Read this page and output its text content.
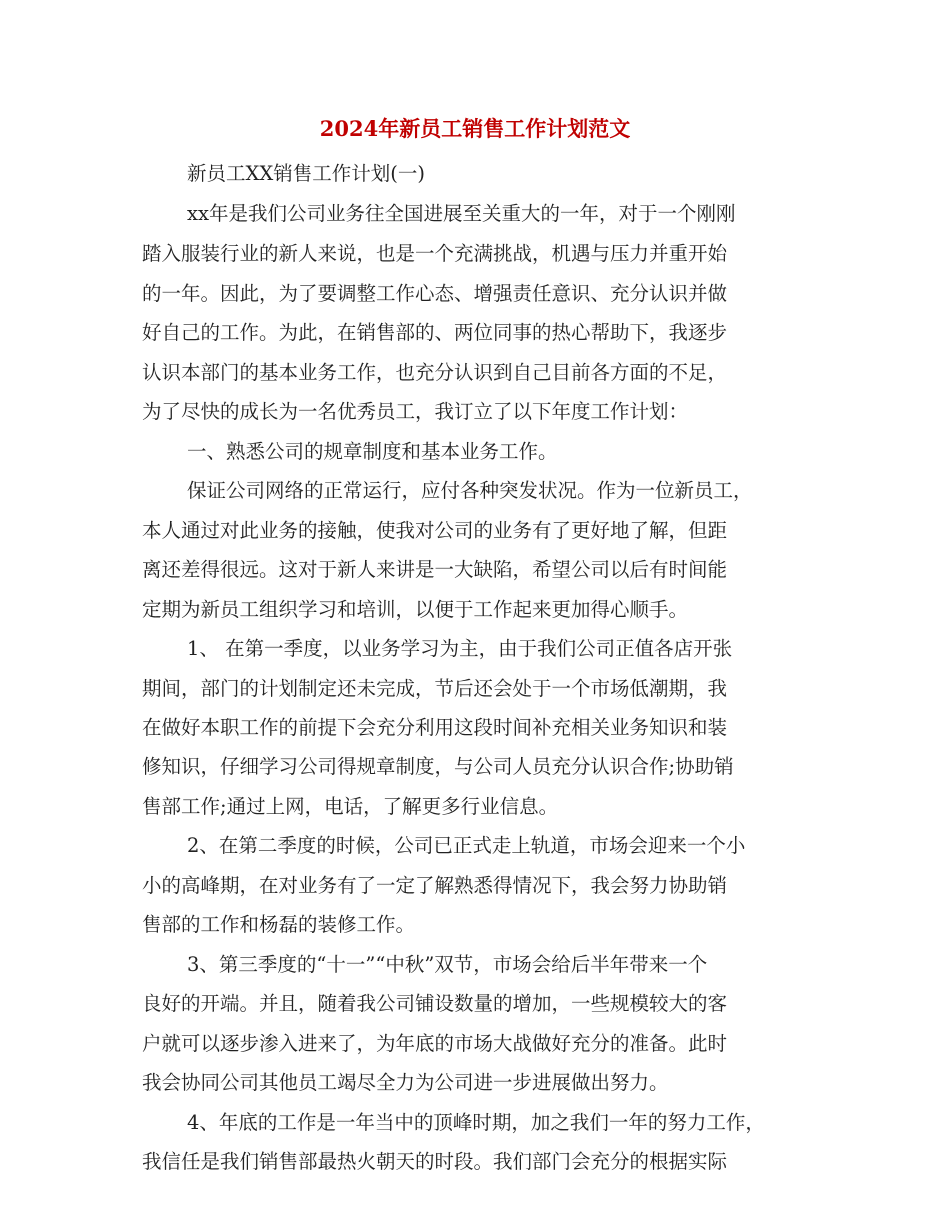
2024年新员工销售工作计划范文
新员工XX销售工作计划(一)
xx年是我们公司业务往全国进展至关重大的一年，对于一个刚刚
踏入服装行业的新人来说，也是一个充满挑战，机遇与压力并重开始
的一年。因此，为了要调整工作心态、增强责任意识、充分认识并做
好自己的工作。为此，在销售部的、两位同事的热心帮助下，我逐步
认识本部门的基本业务工作，也充分认识到自己目前各方面的不足，
为了尽快的成长为一名优秀员工，我订立了以下年度工作计划：
一、熟悉公司的规章制度和基本业务工作。
保证公司网络的正常运行，应付各种突发状况。作为一位新员工，
本人通过对此业务的接触，使我对公司的业务有了更好地了解，但距
离还差得很远。这对于新人来讲是一大缺陷，希望公司以后有时间能
定期为新员工组织学习和培训，以便于工作起来更加得心顺手。
1、 在第一季度，以业务学习为主，由于我们公司正值各店开张
期间，部门的计划制定还未完成，节后还会处于一个市场低潮期，我
在做好本职工作的前提下会充分利用这段时间补充相关业务知识和装
修知识，仔细学习公司得规章制度，与公司人员充分认识合作;协助销
售部工作;通过上网，电话，了解更多行业信息。
2、在第二季度的时候，公司已正式走上轨道，市场会迎来一个小
小的高峰期，在对业务有了一定了解熟悉得情况下，我会努力协助销
售部的工作和杨磊的装修工作。
3、第三季度的“十一”“中秋”双节，市场会给后半年带来一个
良好的开端。并且，随着我公司铺设数量的增加，一些规模较大的客
户就可以逐步渗入进来了，为年底的市场大战做好充分的准备。此时
我会协同公司其他员工竭尽全力为公司进一步进展做出努力。
4、年底的工作是一年当中的顶峰时期，加之我们一年的努力工作，
我信任是我们销售部最热火朝天的时段。我们部门会充分的根据实际
